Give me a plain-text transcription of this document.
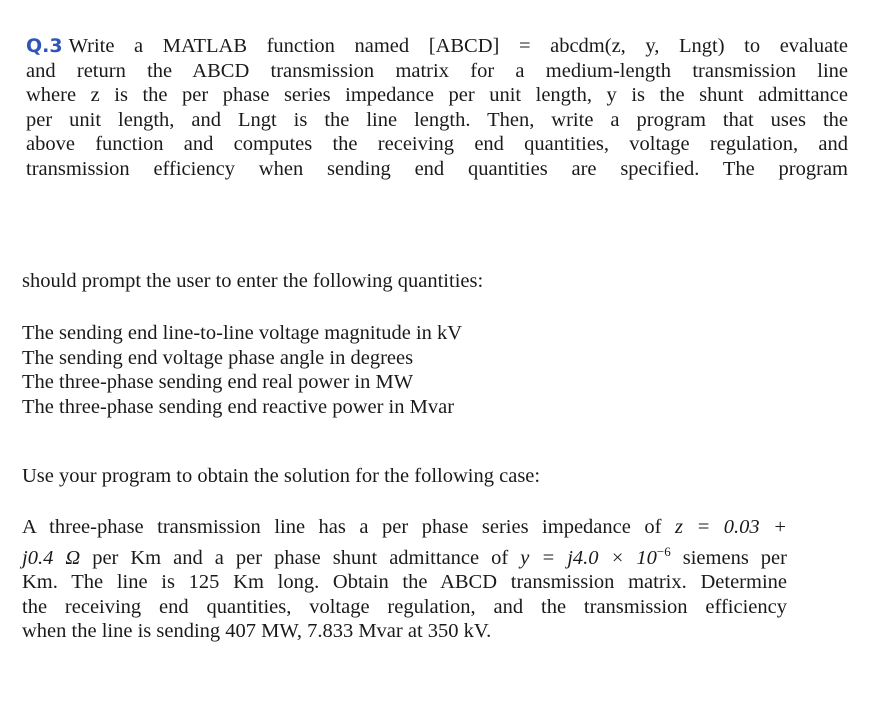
Q.3 Write a MATLAB function named [ABCD] = abcdm(z, y, Lngt) to evaluate
and return the ABCD transmission matrix for a medium-length transmission line
where z is the per phase series impedance per unit length, y is the shunt admittance
per unit length, and Lngt is the line length. Then, write a program that uses the
above function and computes the receiving end quantities, voltage regulation, and
transmission efficiency when sending end quantities are specified. The program
should prompt the user to enter the following quantities:
The sending end line-to-line voltage magnitude in kV
The sending end voltage phase angle in degrees
The three-phase sending end real power in MW
The three-phase sending end reactive power in Mvar
Use your program to obtain the solution for the following case:
A three-phase transmission line has a per phase series impedance of z = 0.03 +
j0.4 Ω per Km and a per phase shunt admittance of $y = j4.0 \times 10^{-6}$ siemens per
Km. The line is 125 Km long. Obtain the ABCD transmission matrix. Determine
the receiving end quantities, voltage regulation, and the transmission efficiency
when the line is sending 407 MW, 7.833 Mvar at 350 kV.
